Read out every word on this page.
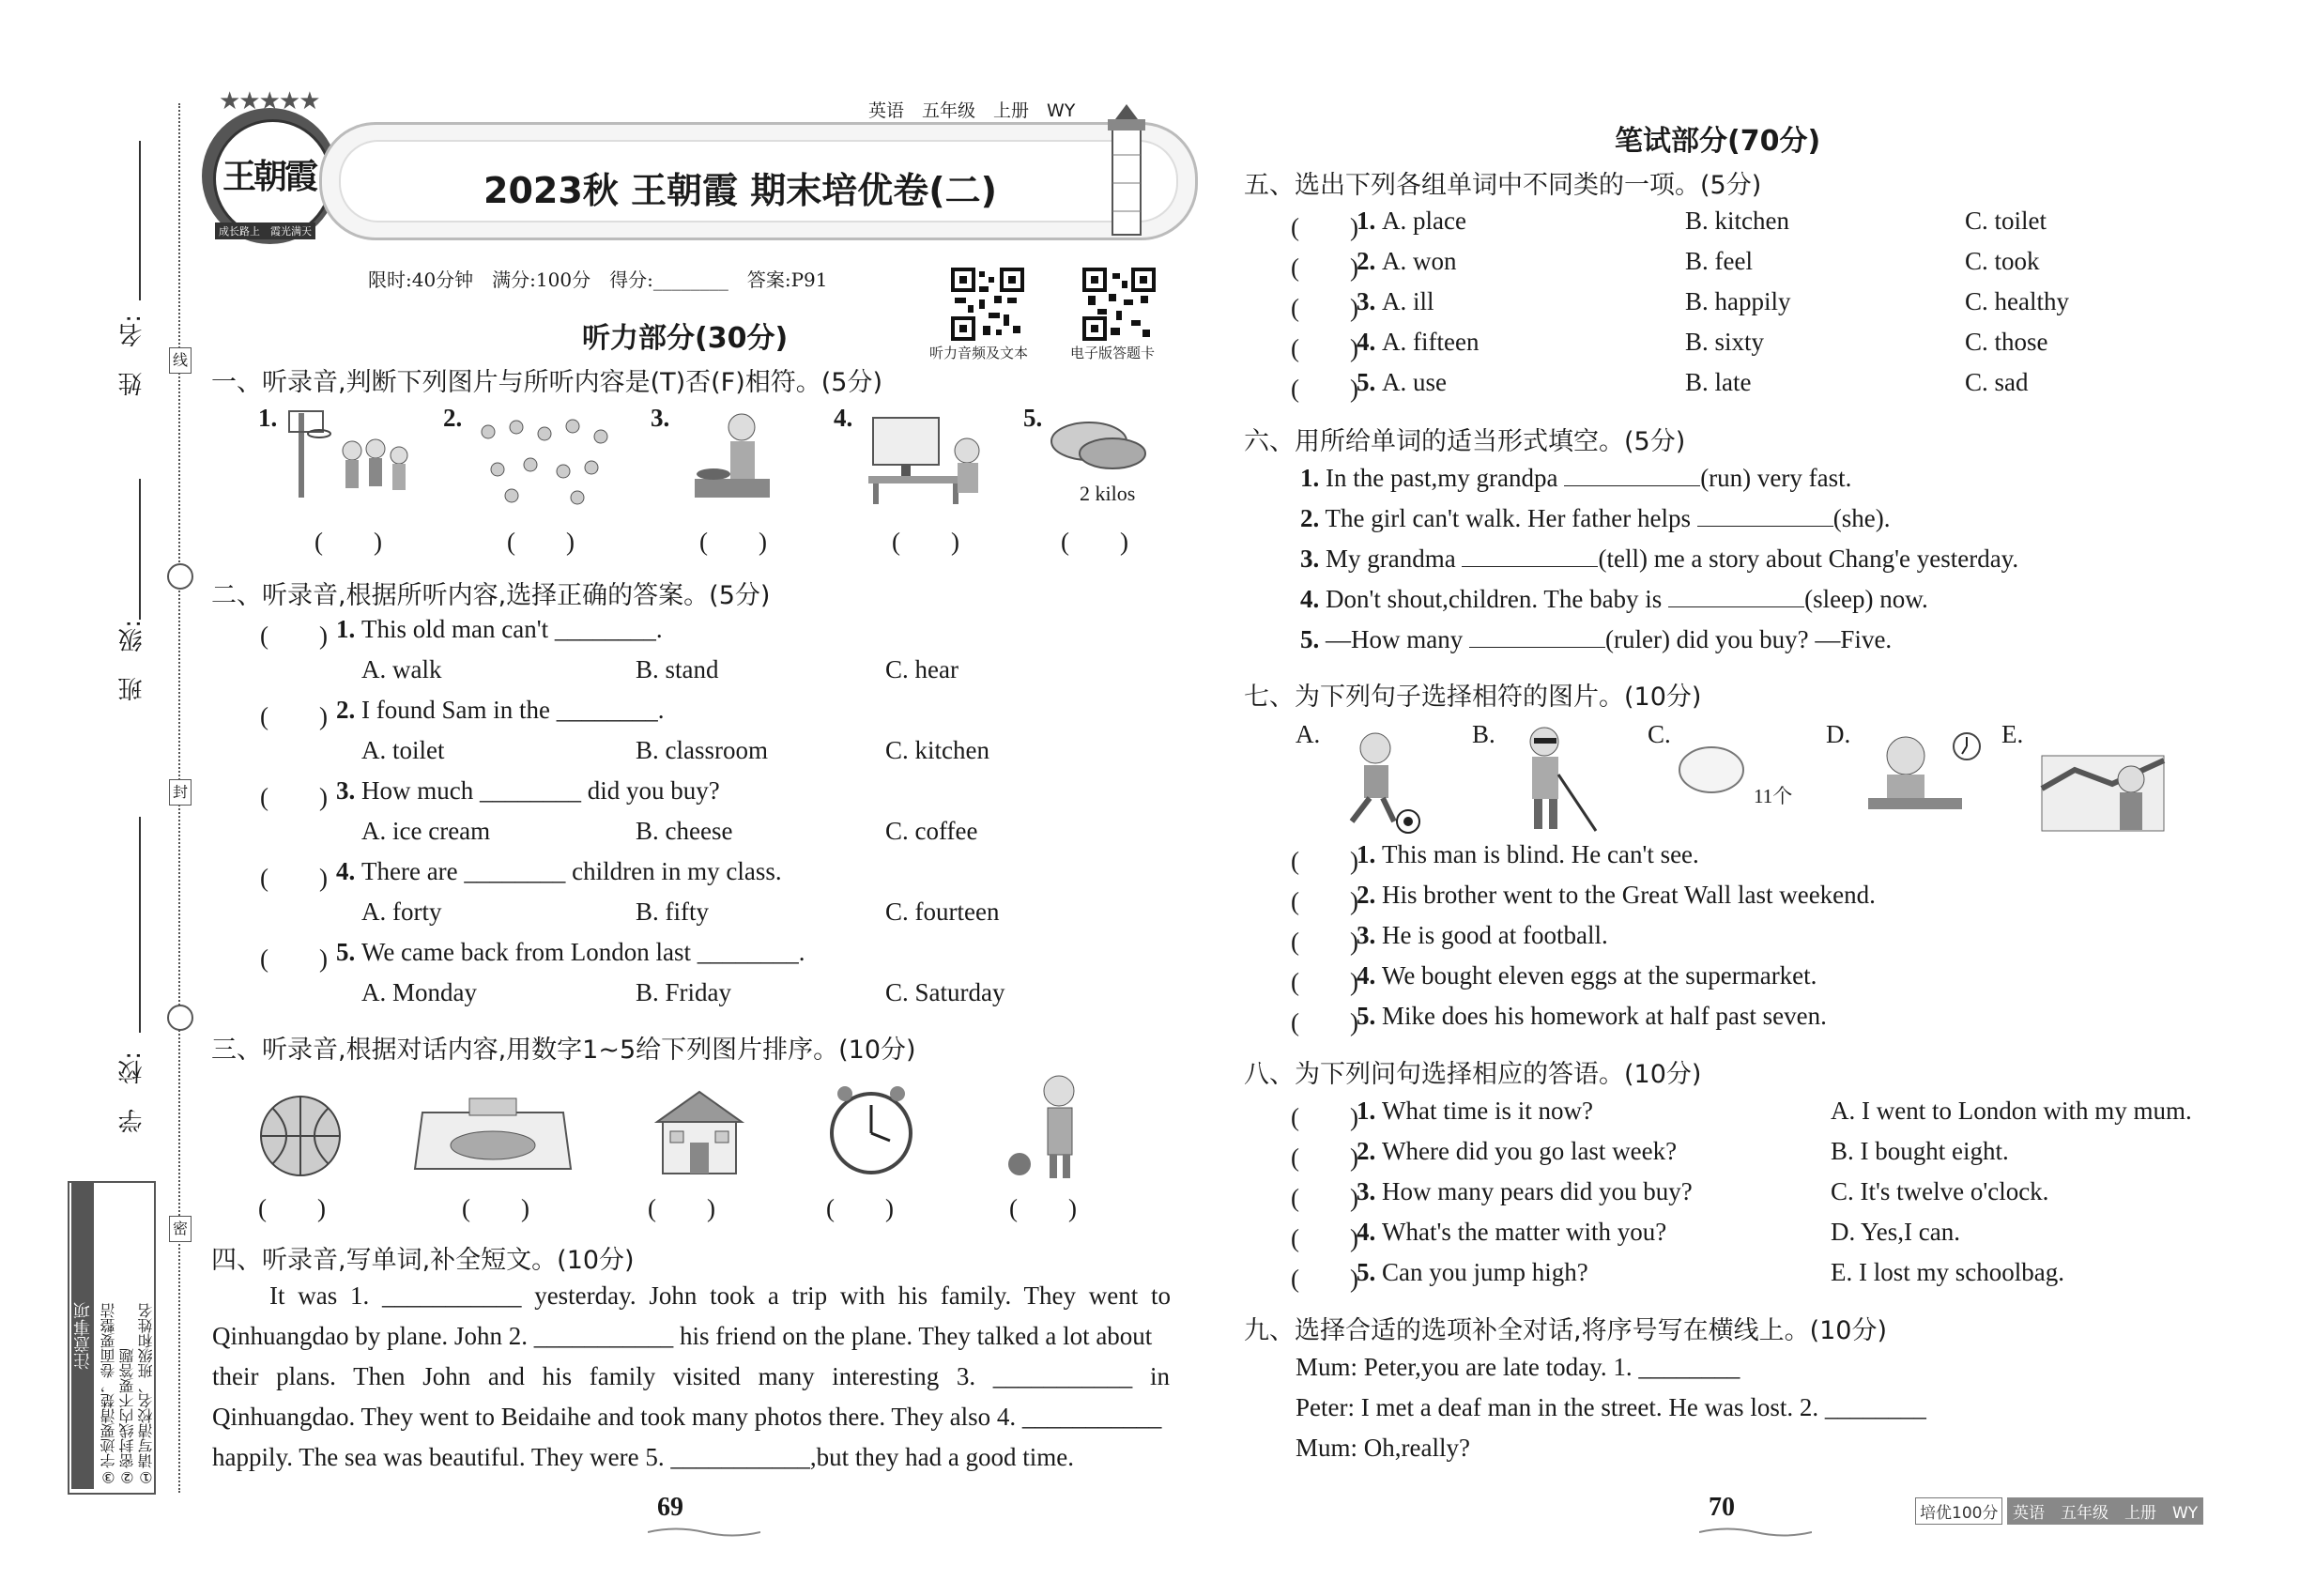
线
封
密
姓　名:
班　级:
学　校:
注意事项 ③字迹要清楚，卷面要整洁 ②密封线内不要答题 ①请写清校名、班级和姓名
★★★★★
王朝霞
成长路上　霞光满天
英语　五年级　上册　WY
2023秋 王朝霞 期末培优卷(二)
限时:40分钟　满分:100分　得分:________　答案:P91
听力音频及文本	电子版答题卡
听力部分(30分)
一、听录音,判断下列图片与所听内容是(T)否(F)相符。(5分)
1.	2.	3.	4.	5.
2 kilos
(　　)	(　　)	(　　)	(　　)	(　　)
二、听录音,根据所听内容,选择正确的答案。(5分)
(　　) 1. This old man can't ________.
A. walk	B. stand	C. hear
(　　) 2. I found Sam in the ________.
A. toilet	B. classroom	C. kitchen
(　　) 3. How much ________ did you buy?
A. ice cream	B. cheese	C. coffee
(　　) 4. There are ________ children in my class.
A. forty	B. fifty	C. fourteen
(　　) 5. We came back from London last ________.
A. Monday	B. Friday	C. Saturday
三、听录音,根据对话内容,用数字1~5给下列图片排序。(10分)
(　　)	(　　)	(　　)	(　　)	(　　)
四、听录音,写单词,补全短文。(10分)
It was 1. ___________ yesterday. John took a trip with his family. They went to
Qinhuangdao by plane. John 2. ___________ his friend on the plane. They talked a lot about
their plans. Then John and his family visited many interesting 3. ___________ in
Qinhuangdao. They went to Beidaihe and took many photos there. They also 4. ___________
happily. The sea was beautiful. They were 5. ___________,but they had a good time.
69
笔试部分(70分)
五、选出下列各组单词中不同类的一项。(5分)
(　　)
1. A. place	B. kitchen	C. toilet
(　　)
2. A. won	B. feel	C. took
(　　)
3. A. ill	B. happily	C. healthy
(　　)
4. A. fifteen	B. sixty	C. those
(　　)
5. A. use	B. late	C. sad
六、用所给单词的适当形式填空。(5分)
1. In the past,my grandpa	(run) very fast.
2. The girl can't walk. Her father helps	(she).
3. My grandma	(tell) me a story about Chang'e yesterday.
4. Don't shout,children. The baby is	(sleep) now.
5. —How many	(ruler) did you buy? —Five.
七、为下列句子选择相符的图片。(10分)
A.	B.	C.	D.	E.
11个
(　　)
1. This man is blind. He can't see.
(　　)
2. His brother went to the Great Wall last weekend.
(　　)
3. He is good at football.
(　　)
4. We bought eleven eggs at the supermarket.
(　　)
5. Mike does his homework at half past seven.
八、为下列问句选择相应的答语。(10分)
(　　)
1. What time is it now?	A. I went to London with my mum.
(　　)
2. Where did you go last week?	B. I bought eight.
(　　)
3. How many pears did you buy?	C. It's twelve o'clock.
(　　)
4. What's the matter with you?	D. Yes,I can.
(　　)
5. Can you jump high?	E. I lost my schoolbag.
九、选择合适的选项补全对话,将序号写在横线上。(10分)
Mum: Peter,you are late today. 1. ________
Peter: I met a deaf man in the street. He was lost. 2. ________
Mum: Oh,really?
70	培优100分 英语　五年级　上册　WY
